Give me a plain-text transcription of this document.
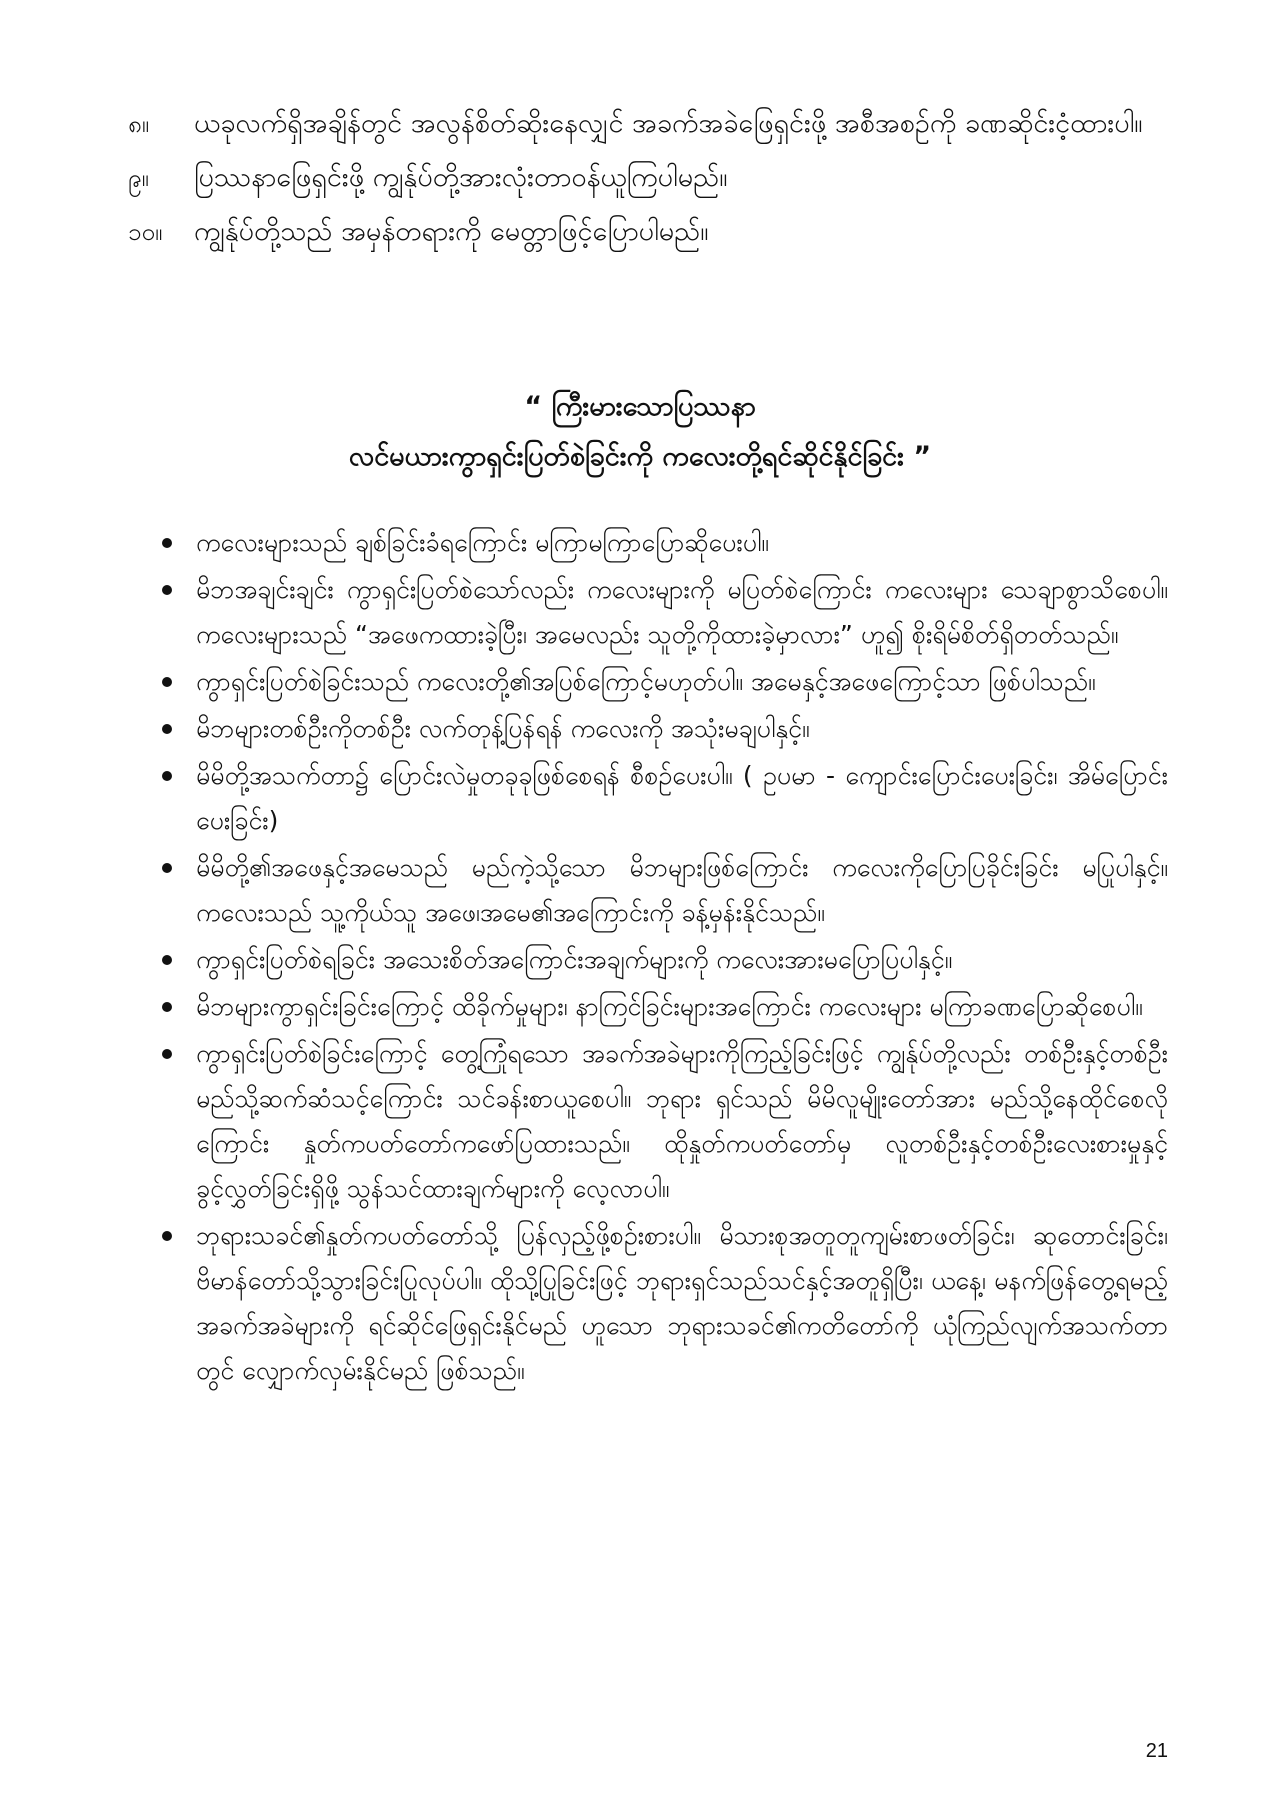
၈။ ယခုလက်ရှိအချိန်တွင် အလွန်စိတ်ဆိုးနေလျှင် အခက်အခဲဖြေရှင်းဖို့ အစီအစဉ်ကို ခဏဆိုင်းငံ့ထားပါ။
၉။ ပြဿနာဖြေရှင်းဖို့ ကျွန်ုပ်တို့အားလုံးတာဝန်ယူကြပါမည်။
၁၀။ ကျွန်ုပ်တို့သည် အမှန်တရားကို မေတ္တာဖြင့်ပြောပါမည်။
“ ကြီးမားသောပြဿနာ
လင်မယားကွာရှင်းပြတ်စဲခြင်းကို ကလေးတို့ရင်ဆိုင်နိုင်ခြင်း ”
ကလေးများသည် ချစ်ခြင်းခံရကြောင်း မကြာမကြာပြောဆိုပေးပါ။
မိဘအချင်းချင်း ကွာရှင်းပြတ်စဲသော်လည်း ကလေးများကို မပြတ်စဲကြောင်း ကလေးများ သေချာစွာသိစေပါ။ ကလေးများသည် “အဖေကထားခဲ့ပြီး၊ အမေလည်း သူတို့ကိုထားခဲ့မှာလား” ဟူ၍ စိုးရိမ်စိတ်ရှိတတ်သည်။
ကွာရှင်းပြတ်စဲခြင်းသည် ကလေးတို့၏အပြစ်ကြောင့်မဟုတ်ပါ။ အမေနှင့်အဖေကြောင့်သာ ဖြစ်ပါသည်။
မိဘများတစ်ဦးကိုတစ်ဦး လက်တုန့်ပြန်ရန် ကလေးကို အသုံးမချပါနှင့်။
မိမိတို့အသက်တာ၌ ပြောင်းလဲမှုတခုခုဖြစ်စေရန် စီစဉ်ပေးပါ။ ( ဥပမာ - ကျောင်းပြောင်းပေးခြင်း၊ အိမ်ပြောင်းပေးခြင်း)
မိမိတို့၏အဖေနှင့်အမေသည် မည်ကဲ့သို့သော မိဘများဖြစ်ကြောင်း ကလေးကိုပြောပြခိုင်းခြင်း မပြုပါနှင့်။ ကလေးသည် သူ့ကိုယ်သူ အဖေ၊အမေ၏အကြောင်းကို ခန့်မှန်းနိုင်သည်။
ကွာရှင်းပြတ်စဲရခြင်း အသေးစိတ်အကြောင်းအချက်များကို ကလေးအားမပြောပြပါနှင့်။
မိဘများကွာရှင်းခြင်းကြောင့် ထိခိုက်မှုများ၊ နာကြင်ခြင်းများအကြောင်း ကလေးများ မကြာခဏပြောဆိုစေပါ။
ကွာရှင်းပြတ်စဲခြင်းကြောင့် တွေ့ကြုံရသော အခက်အခဲများကိုကြည့်ခြင်းဖြင့် ကျွန်ုပ်တို့လည်း တစ်ဦးနှင့်တစ်ဦး မည်သို့ဆက်ဆံသင့်ကြောင်း သင်ခန်းစာယူစေပါ။ ဘုရား ရှင်သည် မိမိလူမျိုးတော်အား မည်သို့နေထိုင်စေလိုကြောင်း နှုတ်ကပတ်တော်ကဖော်ပြထားသည်။ ထိုနှုတ်ကပတ်တော်မှ လူတစ်ဦးနှင့်တစ်ဦးလေးစားမှုနှင့် ခွင့်လွှတ်ခြင်းရှိဖို့ သွန်သင်ထားချက်များကို လေ့လာပါ။
ဘုရားသခင်၏နှုတ်ကပတ်တော်သို့ ပြန်လှည့်ဖို့စဉ်းစားပါ။ မိသားစုအတူတူကျမ်းစာဖတ်ခြင်း၊ ဆုတောင်းခြင်း၊ ဗိမာန်တော်သို့သွားခြင်းပြုလုပ်ပါ။ ထိုသို့ပြုခြင်းဖြင့် ဘုရားရှင်သည်သင်နှင့်အတူရှိပြီး၊ ယနေ့၊ မနက်ဖြန်တွေ့ရမည့် အခက်အခဲများကို ရင်ဆိုင်ဖြေရှင်းနိုင်မည် ဟူသော ဘုရားသခင်၏ကတိတော်ကို ယုံကြည်လျက်အသက်တာတွင် လျှောက်လှမ်းနိုင်မည် ဖြစ်သည်။
21
